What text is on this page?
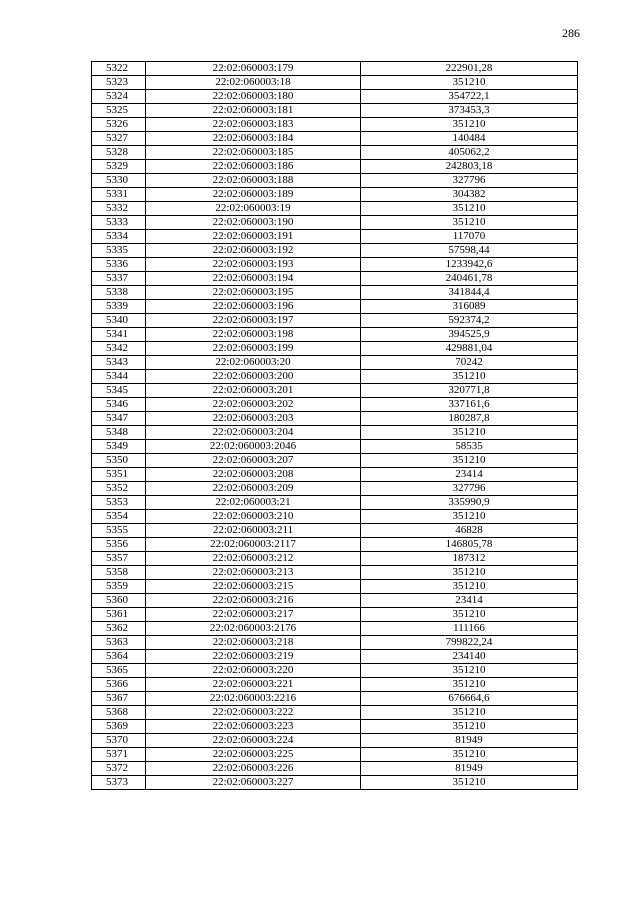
286
5322	22:02:060003:179	222901,28
5323	22:02:060003:18	351210
5324	22:02:060003:180	354722,1
5325	22:02:060003:181	373453,3
5326	22:02:060003:183	351210
5327	22:02:060003:184	140484
5328	22:02:060003:185	405062,2
5329	22:02:060003:186	242803,18
5330	22:02:060003:188	327796
5331	22:02:060003:189	304382
5332	22:02:060003:19	351210
5333	22:02:060003:190	351210
5334	22:02:060003:191	117070
5335	22:02:060003:192	57598,44
5336	22:02:060003:193	1233942,6
5337	22:02:060003:194	240461,78
5338	22:02:060003:195	341844,4
5339	22:02:060003:196	316089
5340	22:02:060003:197	592374,2
5341	22:02:060003:198	394525,9
5342	22:02:060003:199	429881,04
5343	22:02:060003:20	70242
5344	22:02:060003:200	351210
5345	22:02:060003:201	320771,8
5346	22:02:060003:202	337161,6
5347	22:02:060003:203	180287,8
5348	22:02:060003:204	351210
5349	22:02:060003:2046	58535
5350	22:02:060003:207	351210
5351	22:02:060003:208	23414
5352	22:02:060003:209	327796
5353	22:02:060003:21	335990,9
5354	22:02:060003:210	351210
5355	22:02:060003:211	46828
5356	22:02:060003:2117	146805,78
5357	22:02:060003:212	187312
5358	22:02:060003:213	351210
5359	22:02:060003:215	351210
5360	22:02:060003:216	23414
5361	22:02:060003:217	351210
5362	22:02:060003:2176	111166
5363	22:02:060003:218	799822,24
5364	22:02:060003:219	234140
5365	22:02:060003:220	351210
5366	22:02:060003:221	351210
5367	22:02:060003:2216	676664,6
5368	22:02:060003:222	351210
5369	22:02:060003:223	351210
5370	22:02:060003:224	81949
5371	22:02:060003:225	351210
5372	22:02:060003:226	81949
5373	22:02:060003:227	351210
